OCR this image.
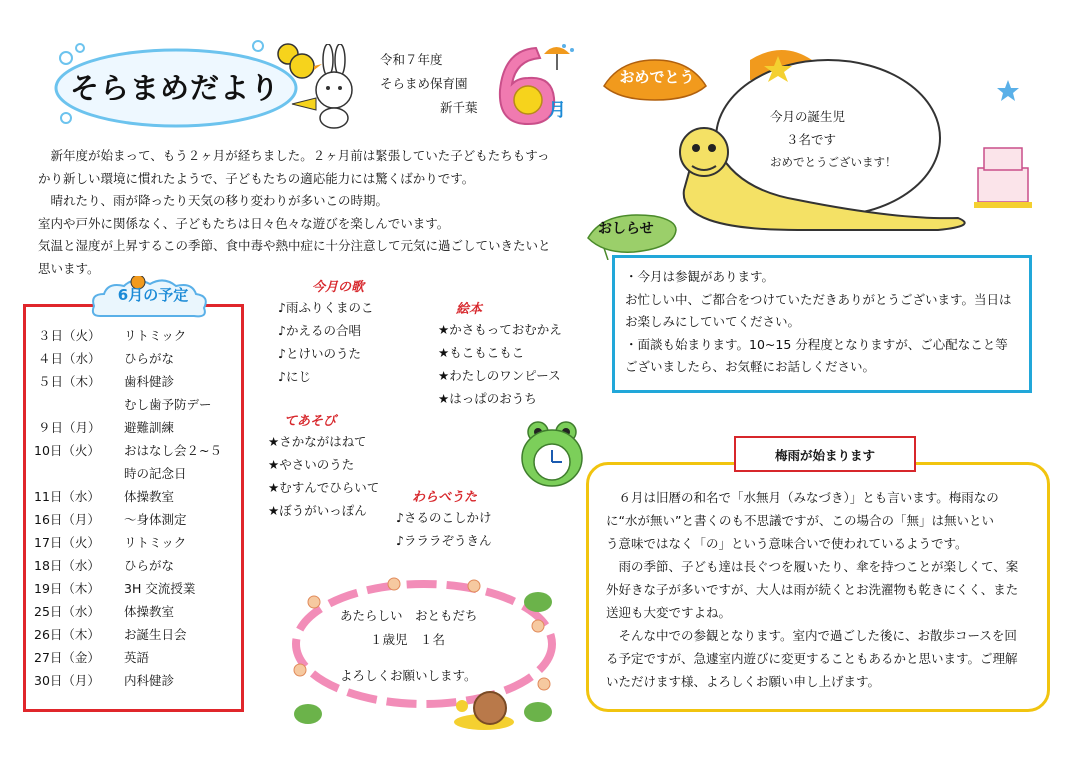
そらまめだより
令和７年度
そらまめ保育園
新千葉	月

　新年度が始まって、もう２ヶ月が経ちました。２ヶ月前は緊張していた子どもたちもすっ

かり新しい環境に慣れたようで、子どもたちの適応能力には驚くばかりです。

　晴れたり、雨が降ったり天気の移り変わりが多いこの時期。

室内や戸外に関係なく、子どもたちは日々色々な遊びを楽しんでいます。

気温と湿度が上昇するこの季節、食中毒や熱中症に十分注意して元気に過ごしていきたいと

思います。

6月の予定
３日（火） リトミック
４日（水） ひらがな
５日（木） 歯科健診
むし歯予防デー
９日（月） 避難訓練
10日（火） おはなし会２~５
時の記念日
11日（水） 体操教室
16日（月） ～身体測定
17日（火） リトミック
18日（水） ひらがな
19日（木） 3H 交流授業
25日（水） 体操教室
26日（木） お誕生日会
27日（金） 英語
30日（月） 内科健診
今月の歌
♪雨ふりくまのこ
♪かえるの合唱
♪とけいのうた
♪にじ
絵本
★かさもっておむかえ
★もこもこもこ
★わたしのワンピース
★はっぱのおうち
てあそび
★さかながはねて
★やさいのうた
★むすんでひらいて
★ぼうがいっぽん
わらべうた
♪さるのこしかけ
♪ラララぞうきん
あたらしい　おともだち
１歳児　１名
よろしくお願いします。
おめでとう
今月の誕生児
３名です
おめでとうございます！
おしらせ

・今月は参観があります。

お忙しい中、ご都合をつけていただきありがとうございます。当日は

お楽しみにしていてください。

・面談も始まります。10~15 分程度となりますが、ご心配なこと等

ございましたら、お気軽にお話しください。

梅雨が始まります

　６月は旧暦の和名で「水無月（みなづき）」とも言います。梅雨なの

に“水が無い”と書くのも不思議ですが、この場合の「無」は無いとい

う意味ではなく「の」という意味合いで使われているようです。

　雨の季節、子ども達は長ぐつを履いたり、傘を持つことが楽しくて、案

外好きな子が多いですが、大人は雨が続くとお洗濯物も乾きにくく、また

送迎も大変ですよね。

　そんな中での参観となります。室内で過ごした後に、お散歩コースを回

る予定ですが、急遽室内遊びに変更することもあるかと思います。ご理解

いただけます様、よろしくお願い申し上げます。
